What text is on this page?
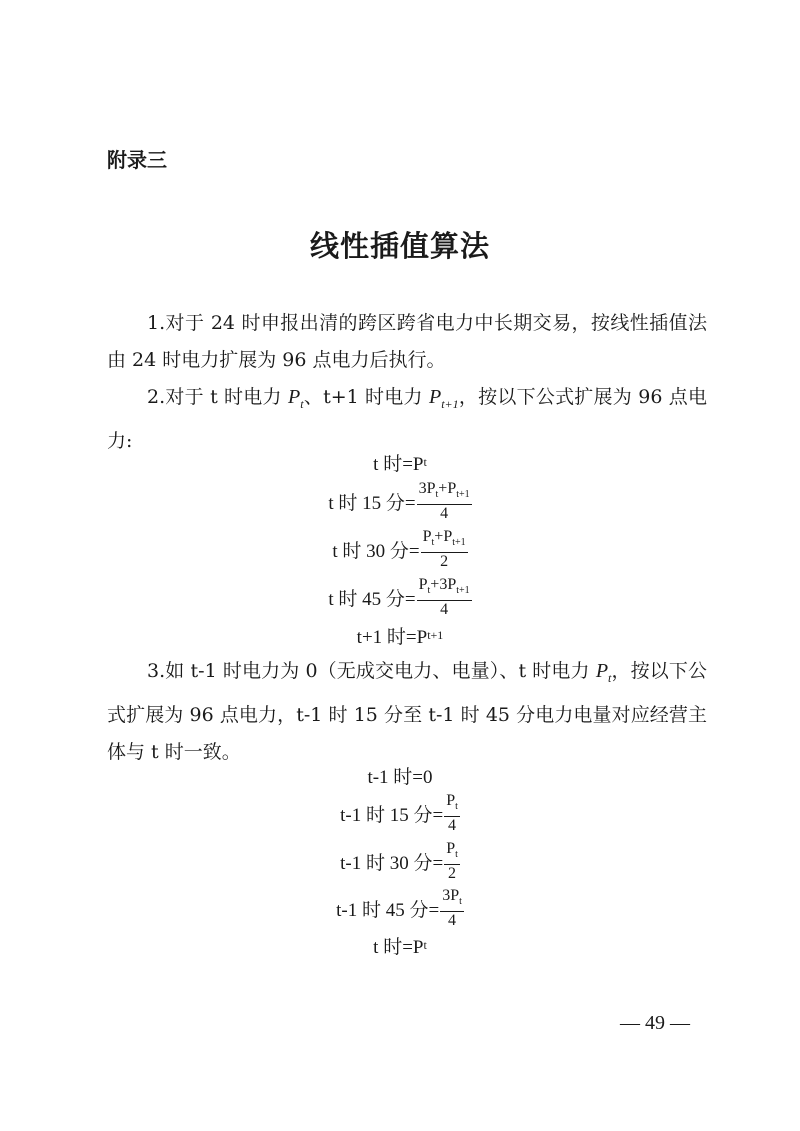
附录三
线性插值算法
1.对于 24 时申报出清的跨区跨省电力中长期交易，按线性插值法由 24 时电力扩展为 96 点电力后执行。
2.对于 t 时电力 $P_t$、t+1 时电力 $P_{t+1}$，按以下公式扩展为 96 点电力:
t 时=P t
t 时 15 分= $\frac{3P_t+P_{t+1}}{4}$
t 时 30 分= $\frac{P_t+P_{t+1}}{2}$
t 时 45 分= $\frac{P_t+3P_{t+1}}{4}$
t+1 时=P t+1
3.如 t-1 时电力为 0（无成交电力、电量）、t 时电力 $P_t$，按以下公式扩展为 96 点电力，t-1 时 15 分至 t-1 时 45 分电力电量对应经营主体与 t 时一致。
t-1 时=0
t-1 时 15 分= $\frac{P_t}{4}$
t-1 时 30 分= $\frac{P_t}{2}$
t-1 时 45 分= $\frac{3P_t}{4}$
t 时=P t
— 49 —
